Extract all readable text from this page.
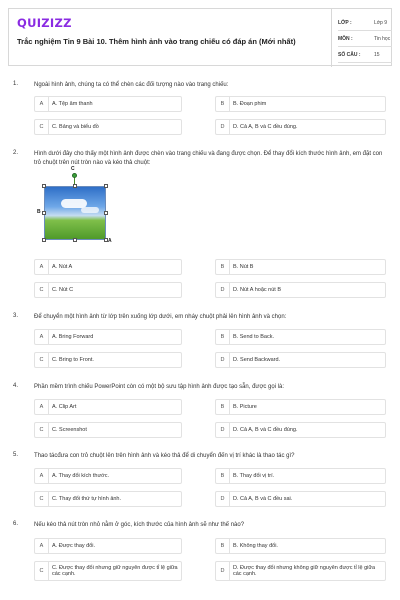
QUIZIZZ
Trắc nghiệm Tin 9 Bài 10. Thêm hình ảnh vào trang chiếu có đáp án (Mới nhất)
LỚP :	Lớp 9
MÔN :	Tin học
SỐ CÂU :	15
1.	Ngoài hình ảnh, chúng ta có thể chèn các đối tượng nào vào trang chiếu:
A	A. Tệp âm thanh	B	B. Đoạn phim
C	C. Bảng và biểu đồ	D	D. Cả A, B và C đều đúng.
2.	Hình dưới đây cho thấy một hình ảnh được chèn vào trang chiếu và đang được chọn. Để thay đổi kích thước hình ảnh, em đặt con trỏ chuột trên nút tròn nào và kéo thả chuột:
C
B
A
A	A. Nút A	B	B. Nút B
C	C. Nút C	D	D. Nút A hoặc nút B
3.	Để chuyển một hình ảnh từ lớp trên xuống lớp dưới, em nháy chuột phải lên hình ảnh và chọn:
A	A. Bring Forward	B	B. Send to Back.
C	C. Bring to Front.	D	D. Send Backward.
4.	Phần mềm trình chiếu PowerPoint còn có một bộ sưu tập hình ảnh được tạo sẵn, được gọi là:
A	A. Clip Art	B	B. Picture
C	C. Screenshot	D	D. Cả A, B và C đều đúng.
5.	Thao tácđưa con trỏ chuột lên trên hình ảnh và kéo thả để di chuyển đến vị trí khác là thao tác gì?
A	A. Thay đổi kích thước.	B	B. Thay đổi vị trí.
C	C. Thay đổi thứ tự hình ảnh.	D	D. Cả A, B và C đều sai.
6.	Nếu kéo thả nút tròn nhỏ nằm ở góc, kích thước của hình ảnh sẽ như thế nào?
A	A. Được thay đổi.	B	B. Không thay đổi.
C
C. Được thay đổi nhưng giữ nguyên được tỉ lệ giữa các cạnh.	D
D. Được thay đổi nhưng không giữ nguyên được tỉ lệ giữa các cạnh.
